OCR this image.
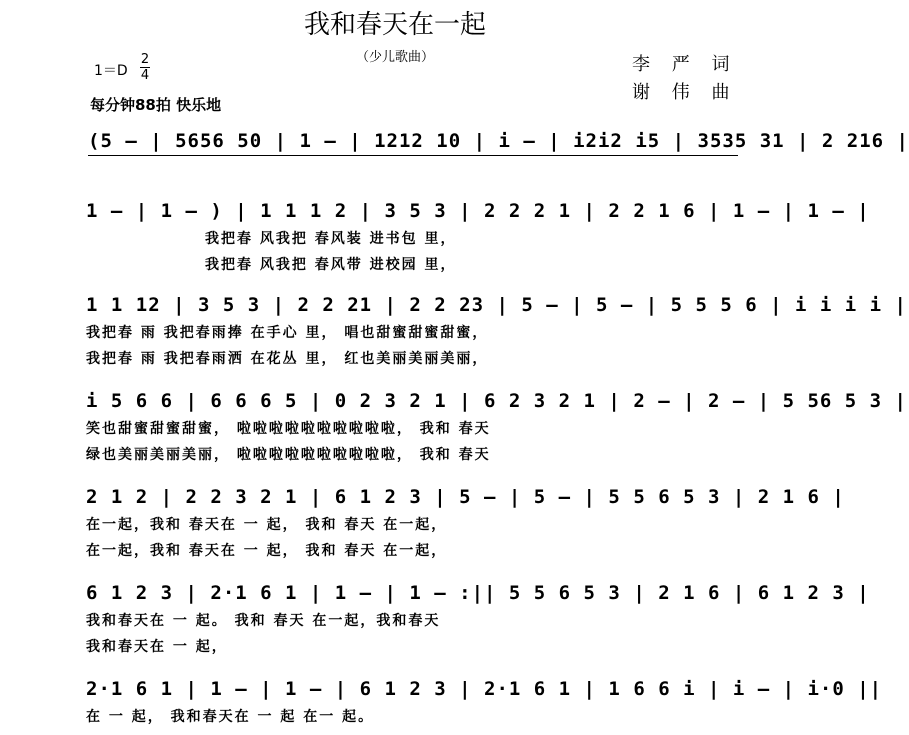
我和春天在一起
（少儿歌曲）
1＝D
2
4
每分钟88拍 快乐地
李 严 词
谢 伟 曲
(5 – | 5656 50 | 1 – | 1212 10 | i – | i2i2 i5 | 3535 31 | 2 216 |
1 – | 1 – ) | 1 1 1 2 | 3 5 3 | 2 2 2 1 | 2 2 1 6 | 1 – | 1 – |
我把春 风我把 春风装 进书包 里，
我把春 风我把 春风带 进校园 里，
1 1 12 | 3 5 3 | 2 2 21 | 2 2 23 | 5 – | 5 – | 5 5 5 6 | i i i i |
我把春 雨 我把春雨捧 在手心 里， 唱也甜蜜甜蜜甜蜜，
我把春 雨 我把春雨洒 在花丛 里， 红也美丽美丽美丽，
i 5 6 6 | 6 6 6 5 | 0 2 3 2 1 | 6 2 3 2 1 | 2 – | 2 – | 5 56 5 3 |
笑也甜蜜甜蜜甜蜜， 啦啦啦啦啦啦啦啦啦啦， 我和 春天
绿也美丽美丽美丽， 啦啦啦啦啦啦啦啦啦啦， 我和 春天
2 1 2 | 2 2 3 2 1 | 6 1 2 3 | 5 – | 5 – | 5 5 6 5 3 | 2 1 6 |
在一起，我和 春天在 一 起， 我和 春天 在一起，
在一起，我和 春天在 一 起， 我和 春天 在一起，
6 1 2 3 | 2·1 6 1 | 1 – | 1 – :|| 5 5 6 5 3 | 2 1 6 | 6 1 2 3 |
我和春天在 一 起。 我和 春天 在一起，我和春天
我和春天在 一 起，
2·1 6 1 | 1 – | 1 – | 6 1 2 3 | 2·1 6 1 | 1 6 6 i | i – | i·0 ||
在 一 起， 我和春天在 一 起 在一 起。
